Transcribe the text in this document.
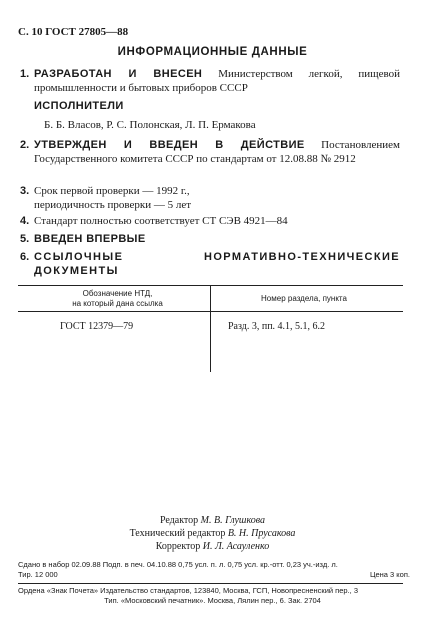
С. 10 ГОСТ 27805—88
ИНФОРМАЦИОННЫЕ ДАННЫЕ
1. РАЗРАБОТАН И ВНЕСЕН Министерством легкой, пищевой промышленности и бытовых приборов СССР
ИСПОЛНИТЕЛИ
Б. Б. Власов, Р. С. Полонская, Л. П. Ермакова
2. УТВЕРЖДЕН И ВВЕДЕН В ДЕЙСТВИЕ Постановлением Государственного комитета СССР по стандартам от 12.08.88 № 2912
3. Срок первой проверки — 1992 г.,
периодичность проверки — 5 лет
4. Стандарт полностью соответствует СТ СЭВ 4921—84
5. ВВЕДЕН ВПЕРВЫЕ
6. ССЫЛОЧНЫЕ НОРМАТИВНО-ТЕХНИЧЕСКИЕ ДОКУМЕНТЫ
Обозначение НТД,
на который дана ссылка
Номер раздела, пункта
ГОСТ 12379—79	Разд. 3, пп. 4.1, 5.1, 6.2
Редактор М. В. Глушкова
Технический редактор В. Н. Прусакова
Корректор И. Л. Асауленко
Сдано в набор 02.09.88 Подп. в печ. 04.10.88 0,75 усл. п. л. 0,75 усл. кр.-отт. 0,23 уч.-изд. л.
Тир. 12 000	Цена 3 коп.
Ордена «Знак Почета» Издательство стандартов, 123840, Москва, ГСП, Новопресненский пер., 3
Тип. «Московский печатник». Москва, Лялин пер., 6. Зак. 2704
